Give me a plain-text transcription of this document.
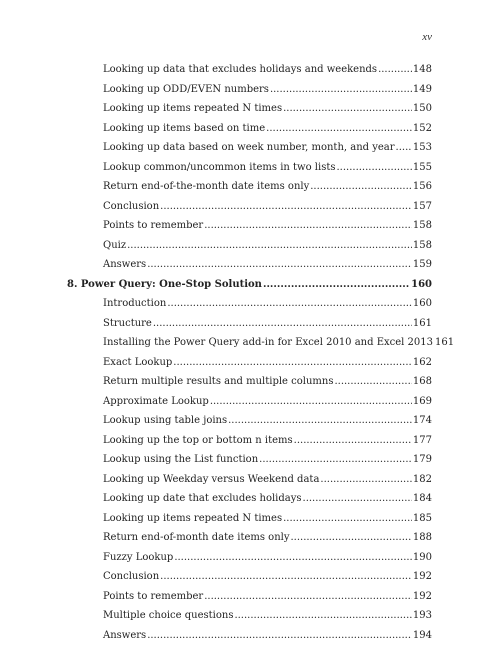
xv
Looking up data that excludes holidays and weekends .....	148
Looking up ODD/EVEN numbers .....	149
Looking up items repeated N times .....	150
Looking up items based on time .....	152
Looking up data based on week number, month, and year ..... 153
Lookup common/uncommon items in two lists .....	155
Return end-of-the-month date items only .....	156
Conclusion .....	157
Points to remember .....	158
Quiz .....	158
Answers .....	159
8. Power Query: One-Stop Solution .....	160
Introduction .....	160
Structure .....	161
Installing the Power Query add-in for Excel 2010 and Excel 2013 161
Exact Lookup .....	162
Return multiple results and multiple columns .....	168
Approximate Lookup .....	169
Lookup using table joins .....	174
Looking up the top or bottom n items .....	177
Lookup using the List function .....	179
Looking up Weekday versus Weekend data .....	182
Looking up date that excludes holidays .....	184
Looking up items repeated N times .....	185
Return end-of-month date items only .....	188
Fuzzy Lookup .....	190
Conclusion .....	192
Points to remember .....	192
Multiple choice questions .....	193
Answers .....	194
